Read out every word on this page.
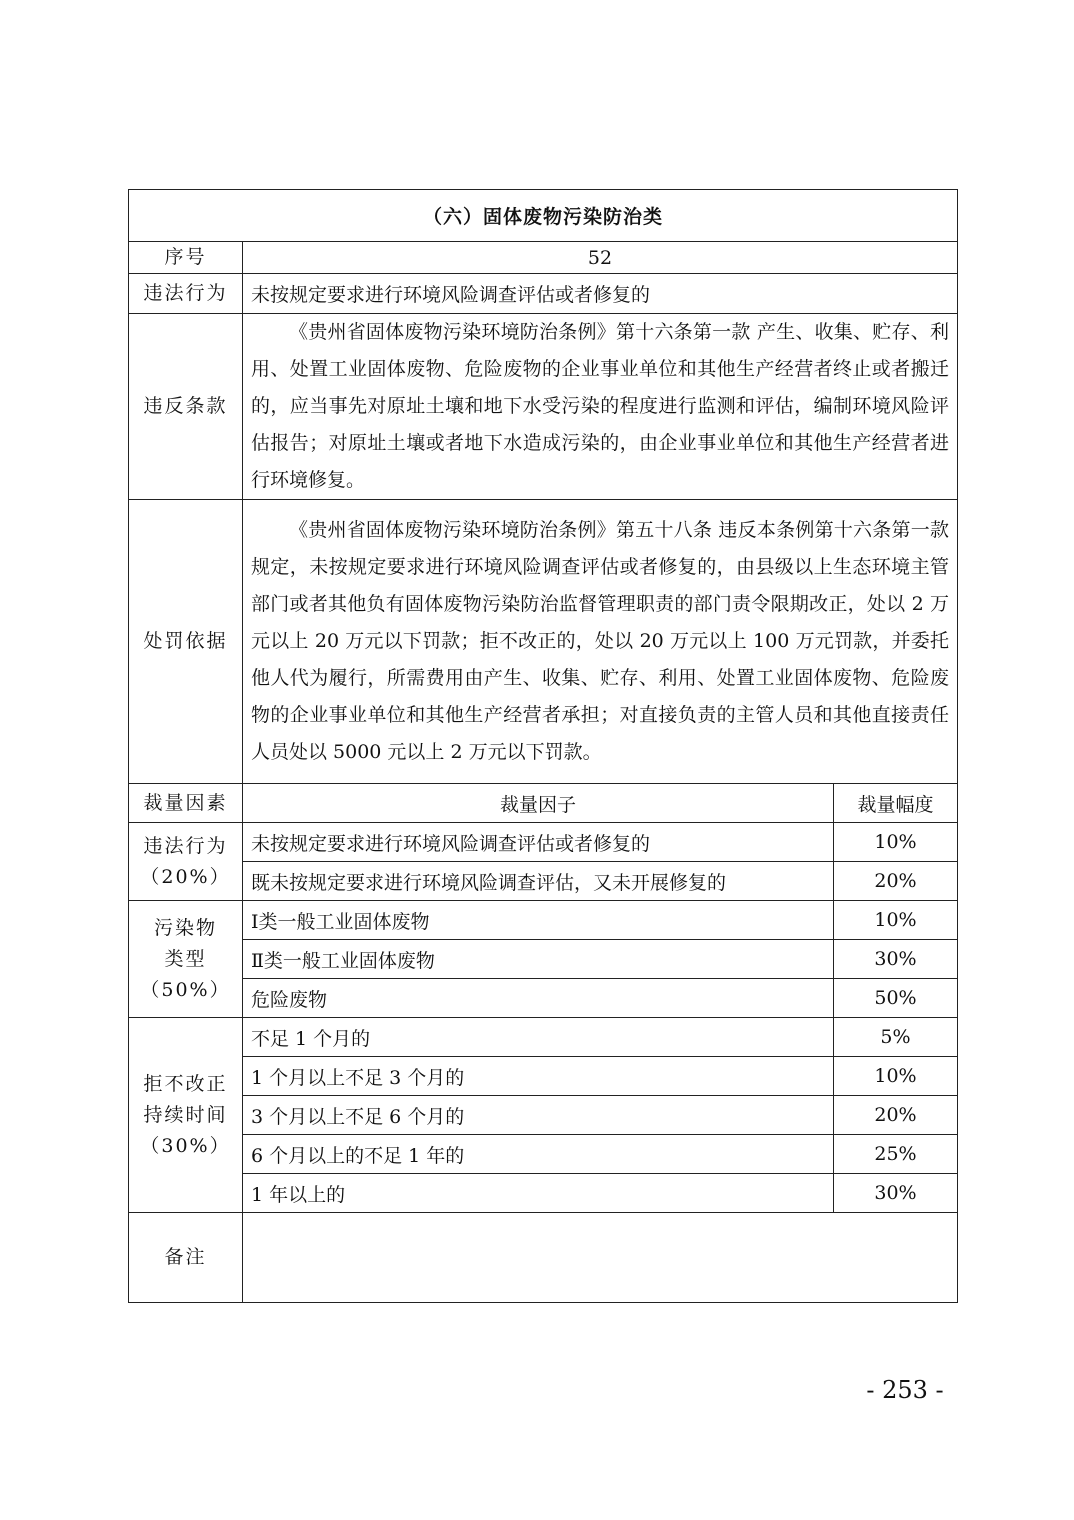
（六）固体废物污染防治类		
序号	52	
违法行为	未按规定要求进行环境风险调查评估或者修复的	
违反条款	《贵州省固体废物污染环境防治条例》第十六条第一款 产生、收集、贮存、利用、处置工业固体废物、危险废物的企业事业单位和其他生产经营者终止或者搬迁的，应当事先对原址土壤和地下水受污染的程度进行监测和评估，编制环境风险评估报告；对原址土壤或者地下水造成污染的，由企业事业单位和其他生产经营者进行环境修复。	

处罚依据	《贵州省固体废物污染环境防治条例》第五十八条 违反本条例第十六条第一款规定，未按规定要求进行环境风险调查评估或者修复的，由县级以上生态环境主管部门或者其他负有固体废物污染防治监督管理职责的部门责令限期改正，处以 2 万元以上 20 万元以下罚款；拒不改正的，处以 20 万元以上 100 万元罚款，并委托他人代为履行，所需费用由产生、收集、贮存、利用、处置工业固体废物、危险废物的企业事业单位和其他生产经营者承担；对直接负责的主管人员和其他直接责任人员处以 5000 元以上 2 万元以下罚款。	

裁量因素	裁量因子	裁量幅度

违法行为
（20%）	未按规定要求进行环境风险调查评估或者修复的	10%
	既未按规定要求进行环境风险调查评估，又未开展修复的	20%

污染物
类型
（50%）	Ⅰ类一般工业固体废物	10%
	Ⅱ类一般工业固体废物	30%
	危险废物	50%

拒不改正
持续时间
（30%）	不足 1 个月的	5%
	1 个月以上不足 3 个月的	10%
	3 个月以上不足 6 个月的	20%
	6 个月以上的不足 1 年的	25%
	1 年以上的	30%
备注		
- 253 -
